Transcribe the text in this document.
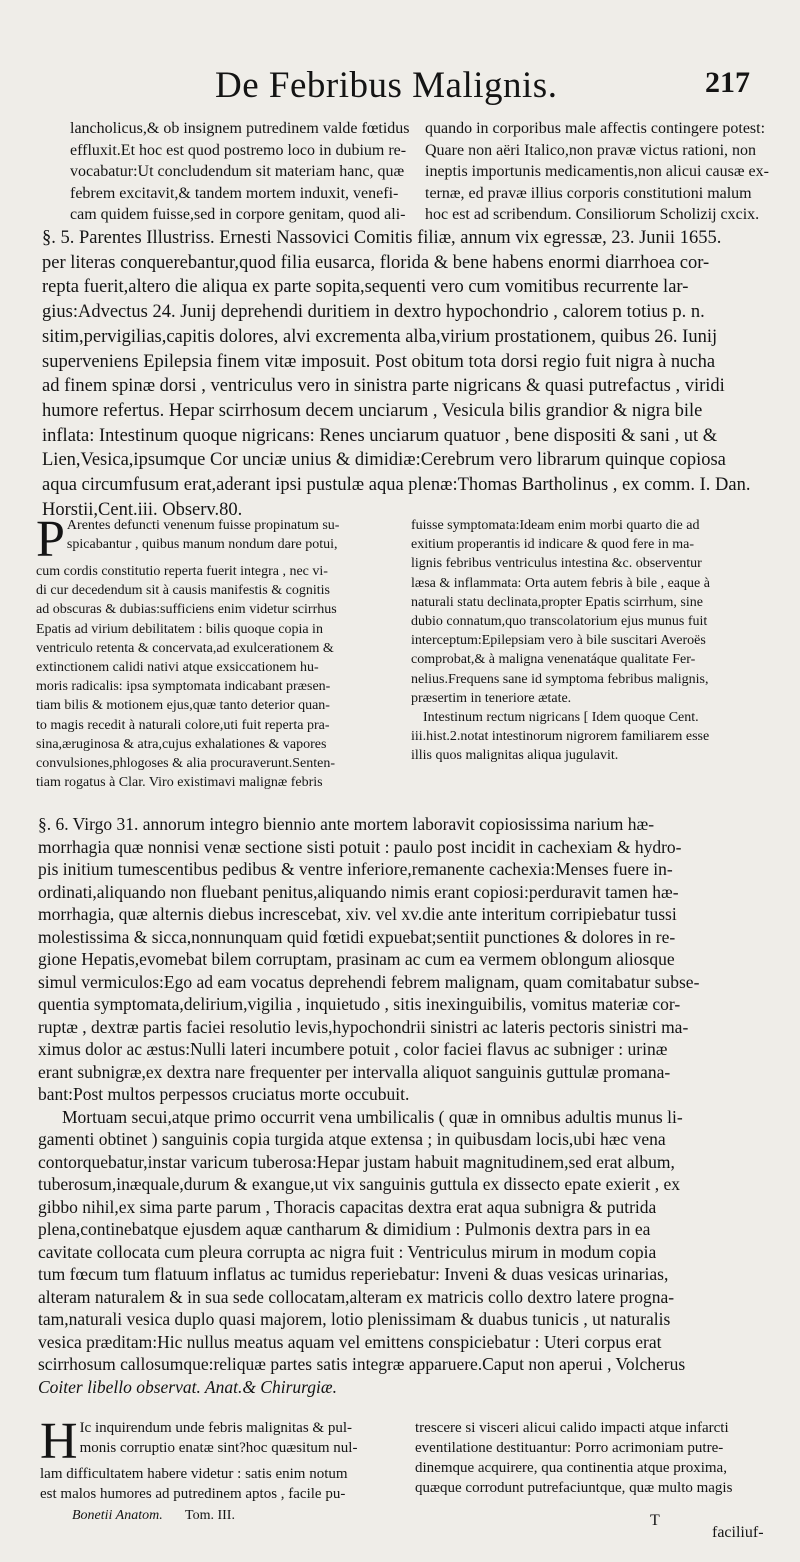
De Febribus Malignis.	217
lancholicus,& ob insignem putredinem valde fœtidus
effluxit.Et hoc est quod postremo loco in dubium re-
vocabatur:Ut concludendum sit materiam hanc, quæ
febrem excitavit,& tandem mortem induxit, venefi-
cam quidem fuisse,sed in corpore genitam, quod ali-
quando in corporibus male affectis contingere potest:
Quare non aëri Italico,non pravæ victus rationi, non
ineptis importunis medicamentis,non alicui causæ ex-
ternæ, ed pravæ illius corporis constitutioni malum
hoc est ad scribendum. Consiliorum Scholizij cxcix.
§. 5. Parentes Illustriss. Ernesti Nassovici Comitis filiæ, annum vix egressæ, 23. Junii 1655.
per literas conquerebantur,quod filia eusarca, florida & bene habens enormi diarrhoea cor-
repta fuerit,altero die aliqua ex parte sopita,sequenti vero cum vomitibus recurrente lar-
gius:Advectus 24. Junij deprehendi duritiem in dextro hypochondrio , calorem totius p. n.
sitim,pervigilias,capitis dolores, alvi excrementa alba,virium prostationem, quibus 26. Iunij
superveniens Epilepsia finem vitæ imposuit. Post obitum tota dorsi regio fuit nigra à nucha
ad finem spinæ dorsi , ventriculus vero in sinistra parte nigricans & quasi putrefactus , viridi
humore refertus. Hepar scirrhosum decem unciarum , Vesicula bilis grandior & nigra bile
inflata: Intestinum quoque nigricans: Renes unciarum quatuor , bene dispositi & sani , ut &
Lien,Vesica,ipsumque Cor unciæ unius & dimidiæ:Cerebrum vero librarum quinque copiosa
aqua circumfusum erat,aderant ipsi pustulæ aqua plenæ:Thomas Bartholinus , ex comm. I. Dan.
Horstii,Cent.iii. Observ.80.
P Arentes defuncti venenum fuisse propinatum su-
spicabantur , quibus manum nondum dare potui,
cum cordis constitutio reperta fuerit integra , nec vi-
di cur decedendum sit à causis manifestis & cognitis
ad obscuras & dubias:sufficiens enim videtur scirrhus
Epatis ad virium debilitatem : bilis quoque copia in
ventriculo retenta & concervata,ad exulcerationem &
extinctionem calidi nativi atque exsiccationem hu-
moris radicalis: ipsa symptomata indicabant præsen-
tiam bilis & motionem ejus,quæ tanto deterior quan-
to magis recedit à naturali colore,uti fuit reperta pra-
sina,æruginosa & atra,cujus exhalationes & vapores
convulsiones,phlogoses & alia procuraverunt.Senten-
tiam rogatus à Clar. Viro existimavi malignæ febris
fuisse symptomata:Ideam enim morbi quarto die ad
exitium properantis id indicare & quod fere in ma-
lignis febribus ventriculus intestina &c. observentur
læsa & inflammata: Orta autem febris à bile , eaque à
naturali statu declinata,propter Epatis scirrhum, sine
dubio connatum,quo transcolatorium ejus munus fuit
interceptum:Epilepsiam vero à bile suscitari Averoës
comprobat,& à maligna venenatáque qualitate Fer-
nelius.Frequens sane id symptoma febribus malignis,
præsertim in teneriore ætate.
Intestinum rectum nigricans [ Idem quoque Cent.
iii.hist.2.notat intestinorum nigrorem familiarem esse
illis quos malignitas aliqua jugulavit.
§. 6. Virgo 31. annorum integro biennio ante mortem laboravit copiosissima narium hæ-
morrhagia quæ nonnisi venæ sectione sisti potuit : paulo post incidit in cachexiam & hydro-
pis initium tumescentibus pedibus & ventre inferiore,remanente cachexia:Menses fuere in-
ordinati,aliquando non fluebant penitus,aliquando nimis erant copiosi:perduravit tamen hæ-
morrhagia, quæ alternis diebus increscebat, xiv. vel xv.die ante interitum corripiebatur tussi
molestissima & sicca,nonnunquam quid fœtidi expuebat;sentiit punctiones & dolores in re-
gione Hepatis,evomebat bilem corruptam, prasinam ac cum ea vermem oblongum aliosque
simul vermiculos:Ego ad eam vocatus deprehendi febrem malignam, quam comitabatur subse-
quentia symptomata,delirium,vigilia , inquietudo , sitis inexinguibilis, vomitus materiæ cor-
ruptæ , dextræ partis faciei resolutio levis,hypochondrii sinistri ac lateris pectoris sinistri ma-
ximus dolor ac æstus:Nulli lateri incumbere potuit , color faciei flavus ac subniger : urinæ
erant subnigræ,ex dextra nare frequenter per intervalla aliquot sanguinis guttulæ promana-
bant:Post multos perpessos cruciatus morte occubuit.
Mortuam secui,atque primo occurrit vena umbilicalis ( quæ in omnibus adultis munus li-
gamenti obtinet ) sanguinis copia turgida atque extensa ; in quibusdam locis,ubi hæc vena
contorquebatur,instar varicum tuberosa:Hepar justam habuit magnitudinem,sed erat album,
tuberosum,inæquale,durum & exangue,ut vix sanguinis guttula ex dissecto epate exierit , ex
gibbo nihil,ex sima parte parum , Thoracis capacitas dextra erat aqua subnigra & putrida
plena,continebatque ejusdem aquæ cantharum & dimidium : Pulmonis dextra pars in ea
cavitate collocata cum pleura corrupta ac nigra fuit : Ventriculus mirum in modum copia
tum fœcum tum flatuum inflatus ac tumidus reperiebatur: Inveni & duas vesicas urinarias,
alteram naturalem & in sua sede collocatam,alteram ex matricis collo dextro latere progna-
tam,naturali vesica duplo quasi majorem, lotio plenissimam & duabus tunicis , ut naturalis
vesica præditam:Hic nullus meatus aquam vel emittens conspiciebatur : Uteri corpus erat
scirrhosum callosumque:reliquæ partes satis integræ apparuere.Caput non aperui , Volcherus
Coiter libello observat. Anat.& Chirurgiæ.
H Ic inquirendum unde febris malignitas & pul-
monis corruptio enatæ sint?hoc quæsitum nul-
lam difficultatem habere videtur : satis enim notum
est malos humores ad putredinem aptos , facile pu-
trescere si visceri alicui calido impacti atque infarcti
eventilatione destituantur: Porro acrimoniam putre-
dinemque acquirere, qua continentia atque proxima,
quæque corrodunt putrefaciuntque, quæ multo magis
Bonetii Anatom. Tom. III.	T
faciliuf-
